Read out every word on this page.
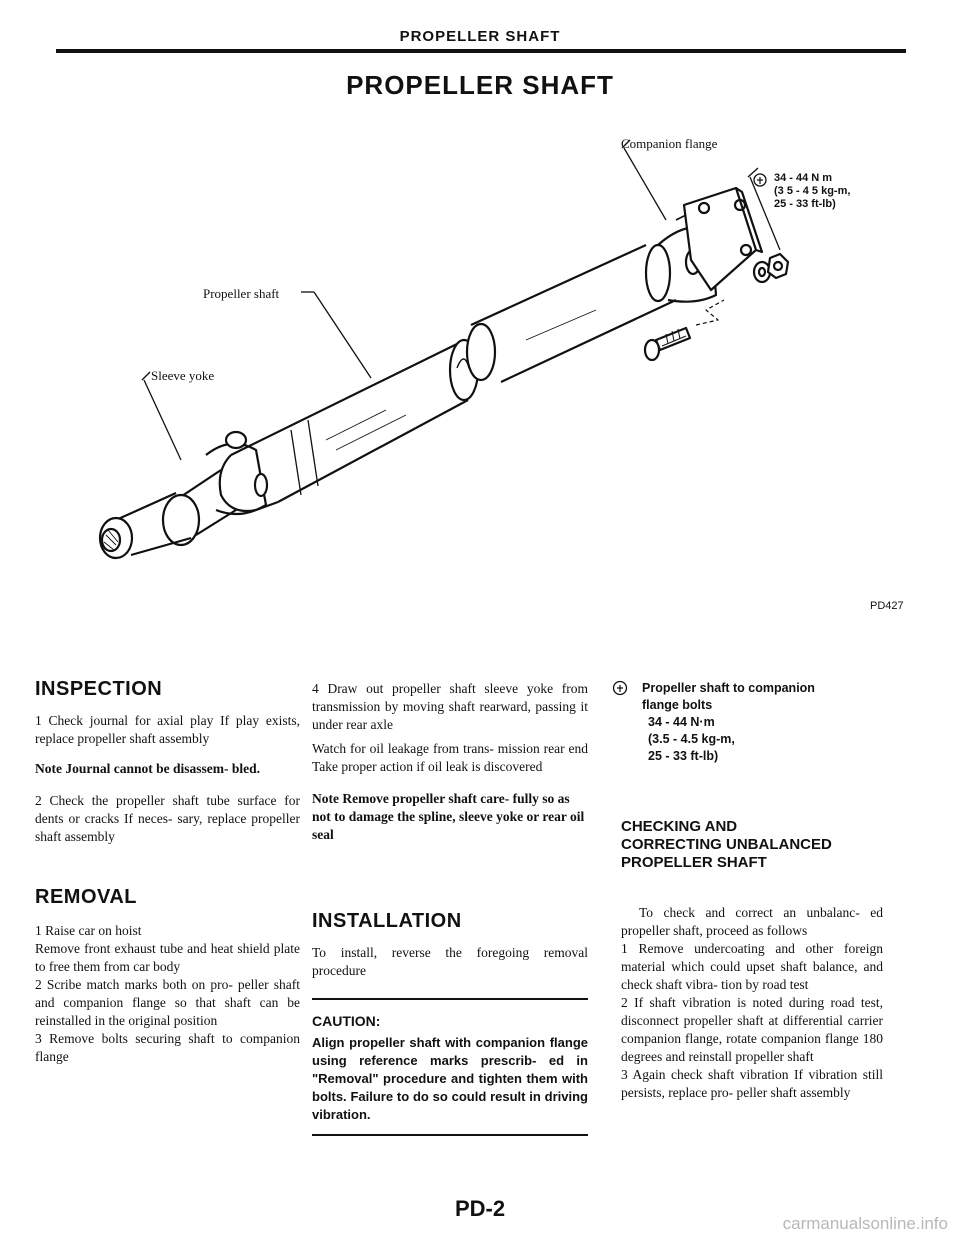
PROPELLER SHAFT
PROPELLER SHAFT
Companion flange
Propeller shaft
Sleeve yoke
34 - 44 N m
(3 5 - 4 5 kg-m,
25 - 33 ft-lb)
PD427
INSPECTION

1 Check journal for axial play If play exists, replace propeller shaft assembly

Note Journal cannot be disassem- bled.

2 Check the propeller shaft tube surface for dents or cracks If neces- sary, replace propeller shaft assembly

REMOVAL

1 Raise car on hoist

Remove front exhaust tube and heat shield plate to free them from car body

2 Scribe match marks both on pro- peller shaft and companion flange so that shaft can be reinstalled in the original position

3 Remove bolts securing shaft to companion flange

4 Draw out propeller shaft sleeve yoke from transmission by moving shaft rearward, passing it under rear axle

Watch for oil leakage from trans- mission rear end Take proper action if oil leak is discovered

Note Remove propeller shaft care- fully so as not to damage the spline, sleeve yoke or rear oil seal

INSTALLATION

To install, reverse the foregoing removal procedure

CAUTION:
Align propeller shaft with companion flange using reference marks prescrib- ed in "Removal" procedure and tighten them with bolts. Failure to do so could result in driving vibration.
Propeller shaft to companion
flange bolts
34 - 44 N·m
(3.5 - 4.5 kg-m,
25 - 33 ft-lb)
CHECKING AND
CORRECTING UNBALANCED
PROPELLER SHAFT

To check and correct an unbalanc- ed propeller shaft, proceed as follows

1 Remove undercoating and other foreign material which could upset shaft balance, and check shaft vibra- tion by road test

2 If shaft vibration is noted during road test, disconnect propeller shaft at differential carrier companion flange, rotate companion flange 180 degrees and reinstall propeller shaft

3 Again check shaft vibration If vibration still persists, replace pro- peller shaft assembly

PD-2
carmanualsonline.info
